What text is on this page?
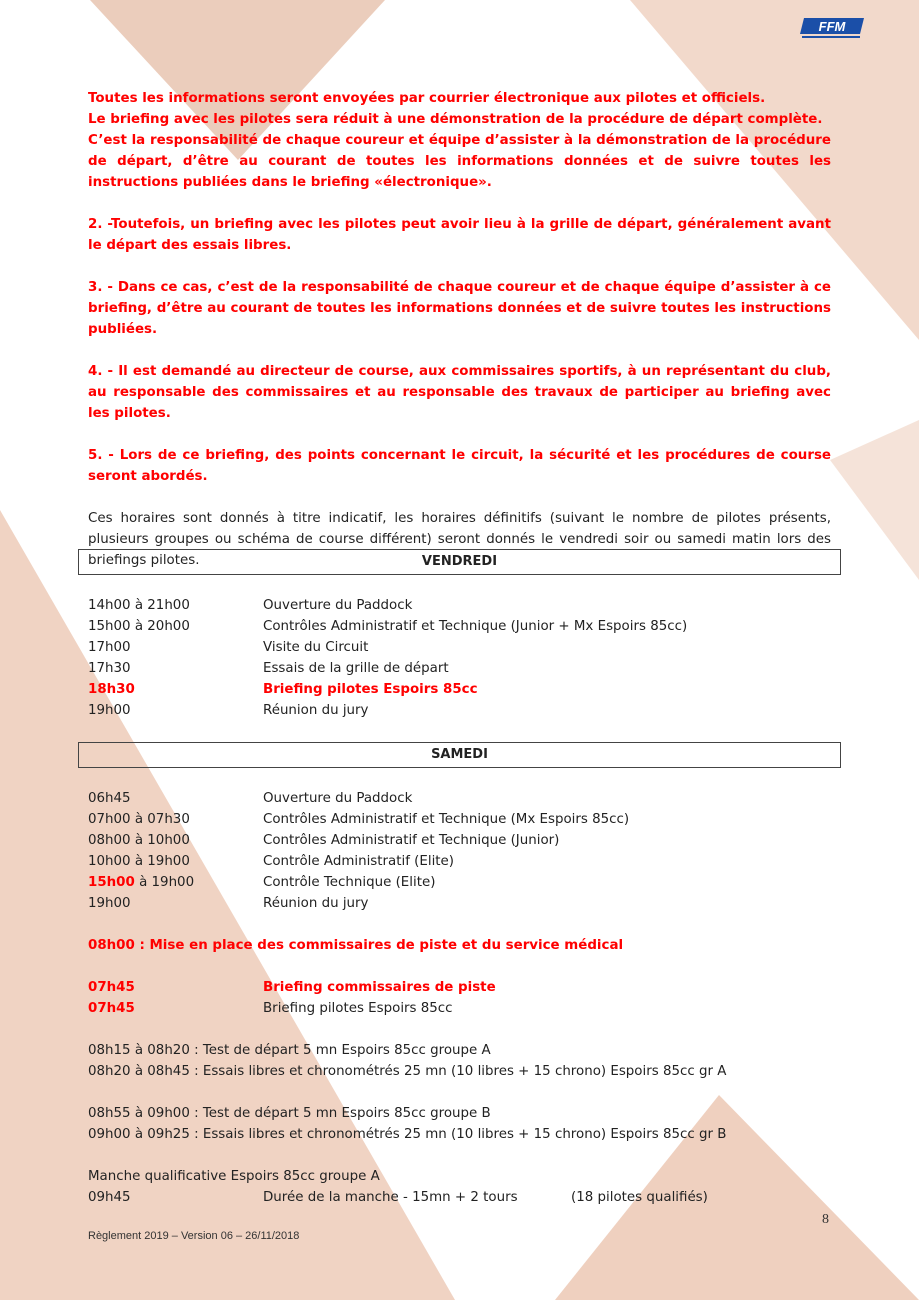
FFM

Toutes les informations seront envoyées par courrier électronique aux pilotes et officiels.

Le briefing avec les pilotes sera réduit à une démonstration de la procédure de départ complète.

C’est la responsabilité de chaque coureur et équipe d’assister à la démonstration de la procédure de départ, d’être au courant de toutes les informations données et de suivre toutes les instructions publiées dans le briefing «électronique».

2. -Toutefois, un briefing avec les pilotes peut avoir lieu à la grille de départ, généralement avant le départ des essais libres.

3. - Dans ce cas, c’est de la responsabilité de chaque coureur et de chaque équipe d’assister à ce briefing, d’être au courant de toutes les informations données et de suivre toutes les instructions publiées.

4. - Il est demandé au directeur de course, aux commissaires sportifs, à un représentant du club, au responsable des commissaires et au responsable des travaux de participer au briefing avec les pilotes.

5. - Lors de ce briefing, des points concernant le circuit, la sécurité et les procédures de course seront abordés.

Ces horaires sont donnés à titre indicatif, les horaires définitifs (suivant le nombre de pilotes présents, plusieurs groupes ou schéma de course différent) seront donnés le vendredi soir ou samedi matin lors des briefings pilotes.	VENDREDI
14h00 à 21h00	Ouverture du Paddock
15h00 à 20h00	Contrôles Administratif et Technique (Junior + Mx Espoirs 85cc)
17h00	Visite du Circuit
17h30	Essais de la grille de départ
18h30	Briefing pilotes Espoirs 85cc
19h00	Réunion du jury
SAMEDI
06h45	Ouverture du Paddock
07h00 à 07h30	Contrôles Administratif et Technique (Mx Espoirs 85cc)
08h00 à 10h00	Contrôles Administratif et Technique (Junior)
10h00 à 19h00	Contrôle Administratif (Elite)
15h00 à 19h00	Contrôle Technique (Elite)
19h00	Réunion du jury

08h00 : Mise en place des commissaires de piste et du service médical

07h45	Briefing commissaires de piste
07h45	Briefing pilotes Espoirs 85cc

08h15 à 08h20 : Test de départ 5 mn Espoirs 85cc groupe A

08h20 à 08h45 : Essais libres et chronométrés 25 mn (10 libres + 15 chrono) Espoirs 85cc gr A

08h55 à 09h00 : Test de départ 5 mn Espoirs 85cc groupe B

09h00 à 09h25 : Essais libres et chronométrés 25 mn (10 libres + 15 chrono) Espoirs 85cc gr B

Manche qualificative Espoirs 85cc groupe A

09h45	Durée de la manche - 15mn + 2 tours	(18 pilotes qualifiés)
8
Règlement 2019 – Version 06 – 26/11/2018
